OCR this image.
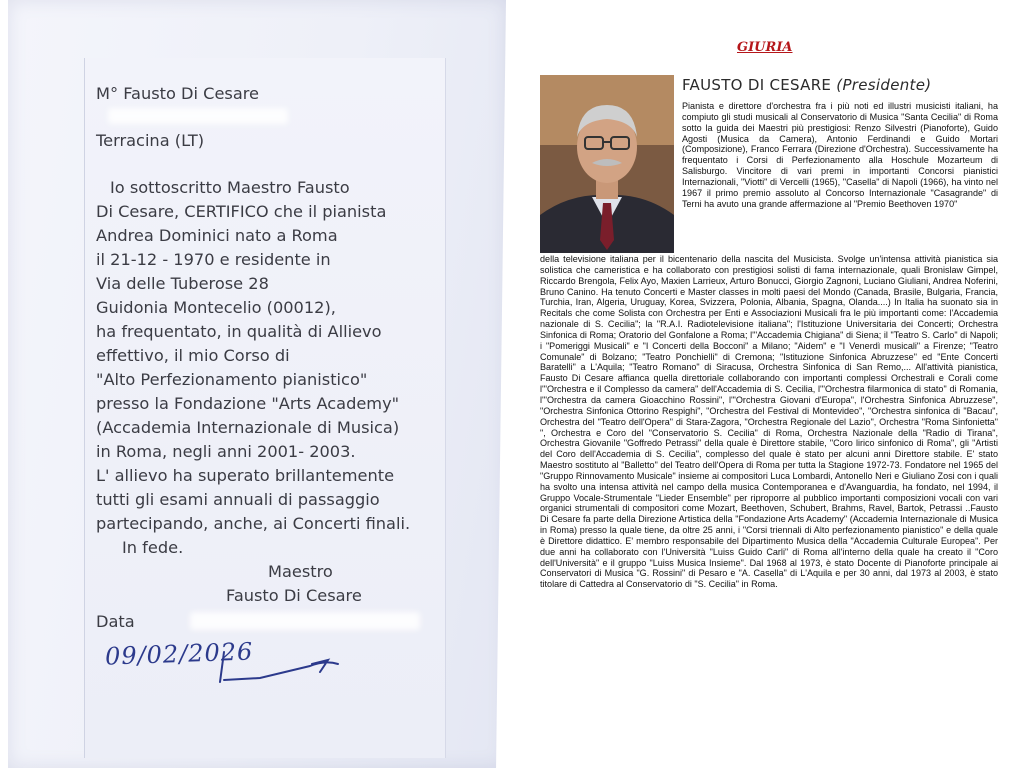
M° Fausto Di Cesare
Terracina (LT)
Io sottoscritto Maestro Fausto
Di Cesare, CERTIFICO che il pianista
Andrea Dominici nato a Roma
il 21-12 - 1970 e residente in
Via delle Tuberose 28
Guidonia Montecelio (00012),
ha frequentato, in qualità di Allievo
effettivo, il mio Corso di
"Alto Perfezionamento pianistico"
presso la Fondazione "Arts Academy"
(Accademia Internazionale di Musica)
in Roma, negli anni 2001- 2003.
L' allievo ha superato brillantemente
tutti gli esami annuali di passaggio
partecipando, anche, ai Concerti finali.
In fede.
Maestro
Fausto Di Cesare
Data
09/02/2026
GIURIA
FAUSTO DI CESARE (Presidente)
Pianista e direttore d'orchestra fra i più noti ed illustri musicisti italiani, ha compiuto gli studi musicali al Conservatorio di Musica "Santa Cecilia" di Roma sotto la guida dei Maestri più prestigiosi: Renzo Silvestri (Pianoforte), Guido Agosti (Musica da Camera), Antonio Ferdinandi e Guido Mortari (Composizione), Franco Ferrara (Direzione d'Orchestra). Successivamente ha frequentato i Corsi di Perfezionamento alla Hoschule Mozarteum di Salisburgo. Vincitore di vari premi in importanti Concorsi pianistici Internazionali, "Viotti" di Vercelli (1965), "Casella" di Napoli (1966), ha vinto nel 1967 il primo premio assoluto al Concorso Internazionale "Casagrande" di Terni ha avuto una grande affermazione al "Premio Beethoven 1970"
della televisione italiana per il bicentenario della nascita del Musicista. Svolge un'intensa attività pianistica sia solistica che cameristica e ha collaborato con prestigiosi solisti di fama internazionale, quali Bronislaw Gimpel, Riccardo Brengola, Felix Ayo, Maxien Larrieux, Arturo Bonucci, Giorgio Zagnoni, Luciano Giuliani, Andrea Noferini, Bruno Canino. Ha tenuto Concerti e Master classes in molti paesi del Mondo (Canada, Brasile, Bulgaria, Francia, Turchia, Iran, Algeria, Uruguay, Korea, Svizzera, Polonia, Albania, Spagna, Olanda....) In Italia ha suonato sia in Recitals che come Solista con Orchestra per Enti e Associazioni Musicali fra le più importanti come: l'Accademia nazionale di S. Cecilia"; la "R.A.I. Radiotelevisione italiana"; l'Istituzione Universitaria dei Concerti; Orchestra Sinfonica di Roma; Oratorio del Gonfalone a Roma; l'"Accademia Chigiana" di Siena; il "Teatro S. Carlo" di Napoli; i "Pomeriggi Musicali" e "I Concerti della Bocconi" a Milano; "Aidem" e "I Venerdì musicali" a Firenze; "Teatro Comunale" di Bolzano; "Teatro Ponchielli" di Cremona; "Istituzione Sinfonica Abruzzese" ed "Ente Concerti Baratelli" a L'Aquila; "Teatro Romano" di Siracusa, Orchestra Sinfonica di San Remo,... All'attività pianistica, Fausto Di Cesare affianca quella direttoriale collaborando con importanti complessi Orchestrali e Corali come l'"Orchestra e il Complesso da camera" dell'Accademia di S. Cecilia, l'"Orchestra filarmonica di stato" di Romania, l'"Orchestra da camera Gioacchino Rossini", l'"Orchestra Giovani d'Europa", l'Orchestra Sinfonica Abruzzese", "Orchestra Sinfonica Ottorino Respighi", "Orchestra del Festival di Montevideo", "Orchestra sinfonica di "Bacau", Orchestra del "Teatro dell'Opera" di Stara-Zagora, "Orchestra Regionale del Lazio", Orchestra "Roma Sinfonietta" ", Orchestra e Coro del "Conservatorio S. Cecilia" di Roma, Orchestra Nazionale della "Radio di Tirana", Orchestra Giovanile "Goffredo Petrassi" della quale è Direttore stabile, "Coro lirico sinfonico di Roma", gli "Artisti del Coro dell'Accademia di S. Cecilia", complesso del quale è stato per alcuni anni Direttore stabile. E' stato Maestro sostituto al "Balletto" del Teatro dell'Opera di Roma per tutta la Stagione 1972-73. Fondatore nel 1965 del "Gruppo Rinnovamento Musicale" insieme ai compositori Luca Lombardi, Antonello Neri e Giuliano Zosi con i quali ha svolto una intensa attività nel campo della musica Contemporanea e d'Avanguardia, ha fondato, nel 1994, il Gruppo Vocale-Strumentale "Lieder Ensemble" per riproporre al pubblico importanti composizioni vocali con vari organici strumentali di compositori come Mozart, Beethoven, Schubert, Brahms, Ravel, Bartok, Petrassi ..Fausto Di Cesare fa parte della Direzione Artistica della "Fondazione Arts Academy" (Accademia Internazionale di Musica in Roma) presso la quale tiene, da oltre 25 anni, i "Corsi triennali di Alto perfezionamento pianistico" e della quale è Direttore didattico. E' membro responsabile del Dipartimento Musica della "Accademia Culturale Europea". Per due anni ha collaborato con l'Università "Luiss Guido Carli" di Roma all'interno della quale ha creato il "Coro dell'Università" e il gruppo "Luiss Musica Insieme". Dal 1968 al 1973, è stato Docente di Pianoforte principale ai Conservatori di Musica "G. Rossini" di Pesaro e "A. Casella" di L'Aquila e per 30 anni, dal 1973 al 2003, è stato titolare di Cattedra al Conservatorio di "S. Cecilia" in Roma.
